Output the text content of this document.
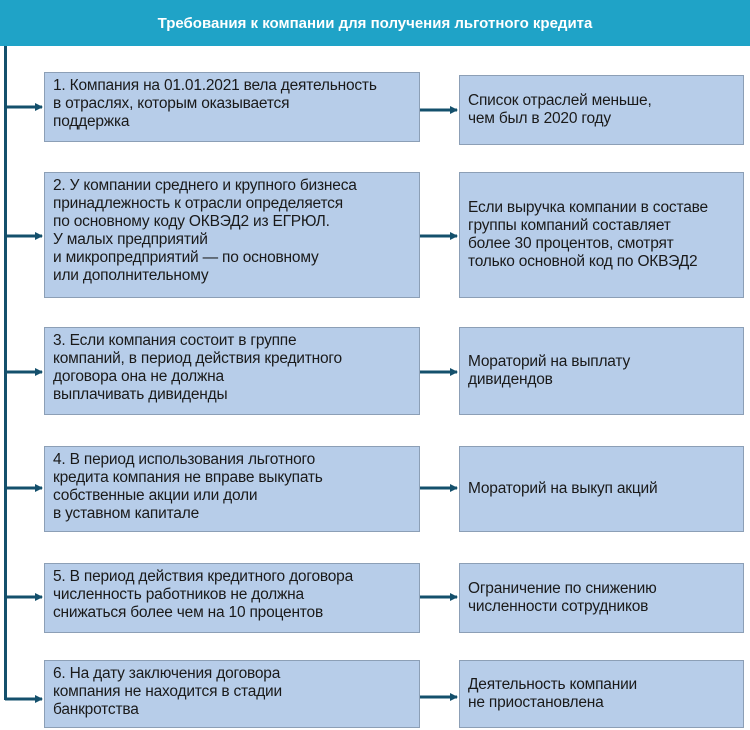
Требования к компании для получения льготного кредита
1. Компания на 01.01.2021 вела деятельность
в отраслях, которым оказывается
поддержка
Список отраслей меньше,
чем был в 2020 году
2. У компании среднего и крупного бизнеса
принадлежность к отрасли определяется
по основному коду ОКВЭД2 из ЕГРЮЛ.
У малых предприятий
и микропредприятий — по основному
или дополнительному
Если выручка компании в составе
группы компаний составляет
более 30 процентов, смотрят
только основной код по ОКВЭД2
3. Если компания состоит в группе
компаний, в период действия кредитного
договора она не должна
выплачивать дивиденды
Мораторий на выплату
дивидендов
4. В период использования льготного
кредита компания не вправе выкупать
собственные акции или доли
в уставном капитале
Мораторий на выкуп акций
5. В период действия кредитного договора
численность работников не должна
снижаться более чем на 10 процентов
Ограничение по снижению
численности сотрудников
6. На дату заключения договора
компания не находится в стадии
банкротства
Деятельность компании
не приостановлена
